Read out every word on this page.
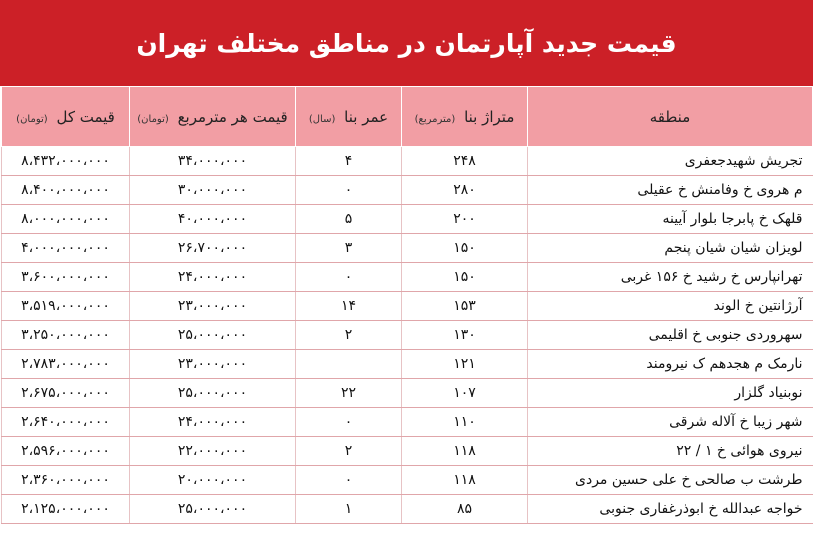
قیمت جدید آپارتمان در مناطق مختلف تهران
منطقه	متراژ بنا (مترمربع)	عمر بنا (سال)	قیمت هر مترمربع (تومان)	قیمت کل (تومان)
تجریش شهیدجعفری	۲۴۸	۴	۳۴،۰۰۰،۰۰۰	۸،۴۳۲،۰۰۰،۰۰۰
م هروی خ وفامنش خ عقیلی	۲۸۰	۰	۳۰،۰۰۰،۰۰۰	۸،۴۰۰،۰۰۰،۰۰۰
قلهک خ پابرجا بلوار آیینه	۲۰۰	۵	۴۰،۰۰۰،۰۰۰	۸،۰۰۰،۰۰۰،۰۰۰
لویزان شیان شیان پنجم	۱۵۰	۳	۲۶،۷۰۰،۰۰۰	۴،۰۰۰،۰۰۰،۰۰۰
تهرانپارس خ رشید خ ۱۵۶ غربی	۱۵۰	۰	۲۴،۰۰۰،۰۰۰	۳،۶۰۰،۰۰۰،۰۰۰
آرژانتین خ الوند	۱۵۳	۱۴	۲۳،۰۰۰،۰۰۰	۳،۵۱۹،۰۰۰،۰۰۰
سهروردی جنوبی خ اقلیمی	۱۳۰	۲	۲۵،۰۰۰،۰۰۰	۳،۲۵۰،۰۰۰،۰۰۰
نارمک م هجدهم ک نیرومند	۱۲۱		۲۳،۰۰۰،۰۰۰	۲،۷۸۳،۰۰۰،۰۰۰
نوبنیاد گلزار	۱۰۷	۲۲	۲۵،۰۰۰،۰۰۰	۲،۶۷۵،۰۰۰،۰۰۰
شهر زیبا خ آلاله شرقی	۱۱۰	۰	۲۴،۰۰۰،۰۰۰	۲،۶۴۰،۰۰۰،۰۰۰
نیروی هوائی خ ۱ / ۲۲	۱۱۸	۲	۲۲،۰۰۰،۰۰۰	۲،۵۹۶،۰۰۰،۰۰۰
طرشت ب صالحی خ علی حسین مردی	۱۱۸	۰	۲۰،۰۰۰،۰۰۰	۲،۳۶۰،۰۰۰،۰۰۰
خواجه عبدالله خ ابوذرغفاری جنوبی	۸۵	۱	۲۵،۰۰۰،۰۰۰	۲،۱۲۵،۰۰۰،۰۰۰
